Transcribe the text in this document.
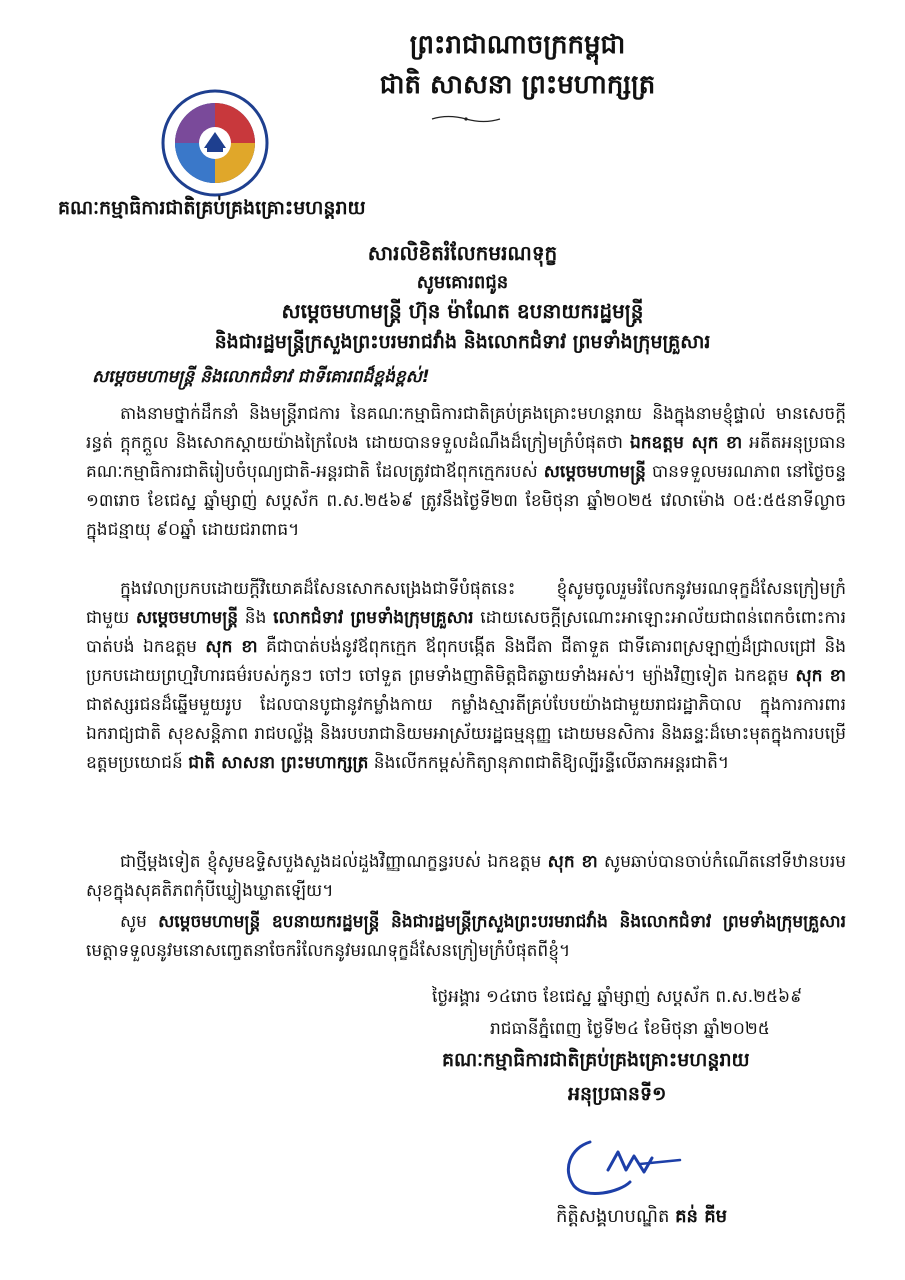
ព្រះរាជាណាចក្រកម្ពុជា
ជាតិ សាសនា ព្រះមហាក្សត្រ
គណៈកម្មាធិការជាតិគ្រប់គ្រងគ្រោះមហន្តរាយ
សារលិខិតរំលែកមរណទុក្ខ
សូមគោរពជូន
សម្តេចមហាមន្ត្រី ហ៊ុន ម៉ាណែត ឧបនាយករដ្ឋមន្ត្រី
និងជារដ្ឋមន្ត្រីក្រសួងព្រះបរមរាជវាំង និងលោកជំទាវ ព្រមទាំងក្រុមគ្រួសារ
សម្តេចមហាមន្ត្រី និងលោកជំទាវ ជាទីគោរពដ៏ខ្ពង់ខ្ពស់!
  តាងនាមថ្នាក់ដឹកនាំ និងមន្ត្រីរាជការ នៃគណៈកម្មាធិការជាតិគ្រប់គ្រងគ្រោះមហន្តរាយ និងក្នុងនាមខ្ញុំផ្ទាល់ មានសេចក្តីរន្ធត់ ក្តុកក្តួល និងសោកស្តាយយ៉ាងក្រៃលែង ដោយបានទទួលដំណឹងដ៏ក្រៀមក្រំបំផុតថា ឯកឧត្តម សុក ខា អតីតអនុប្រធានគណៈកម្មាធិការជាតិរៀបចំបុណ្យជាតិ-អន្តរជាតិ ដែលត្រូវជាឪពុកក្មេករបស់ សម្តេចមហាមន្ត្រី បានទទួលមរណភាព នៅថ្ងៃចន្ទ ១៣រោច ខែជេស្ឋ ឆ្នាំម្សាញ់ សប្តស័ក ព.ស.២៥៦៩ ត្រូវនឹងថ្ងៃទី២៣ ខែមិថុនា ឆ្នាំ២០២៥ វេលាម៉ោង ០៥:៥៥នាទីល្ងាច ក្នុងជន្មាយុ ៩០ឆ្នាំ ដោយជរាពាធ។
  ក្នុងវេលាប្រកបដោយក្តីវិយោគដ៏សែនសោកសង្រេងជាទីបំផុតនេះ ខ្ញុំសូមចូលរួមរំលែកនូវមរណទុក្ខដ៏សែនក្រៀមក្រំជាមួយ សម្តេចមហាមន្ត្រី និង លោកជំទាវ ព្រមទាំងក្រុមគ្រួសារ ដោយសេចក្តីស្រណោះអាឡោះអាល័យជាពន់ពេកចំពោះការបាត់បង់ ឯកឧត្តម សុក ខា គឺជាបាត់បង់នូវឪពុកក្មេក ឪពុកបង្កើត និងជីតា ជីតាទួត ជាទីគោរពស្រឡាញ់ដ៏ជ្រាលជ្រៅ និងប្រកបដោយព្រហ្មវិហារធម៌របស់កូនៗ ចៅៗ ចៅទួត ព្រមទាំងញាតិមិត្តជិតឆ្ងាយទាំងអស់។ ម្យ៉ាងវិញទៀត ឯកឧត្តម សុក ខា ជាឥស្សរជនដ៏ឆ្នើមមួយរូប ដែលបានបូជានូវកម្លាំងកាយ កម្លាំងស្មារតីគ្រប់បែបយ៉ាងជាមួយរាជរដ្ឋាភិបាល ក្នុងការការពារឯករាជ្យជាតិ សុខសន្តិភាព រាជបល្ល័ង្ក និងរបបរាជានិយមអាស្រ័យរដ្ឋធម្មនុញ្ញ ដោយមនសិការ និងឆន្ទៈដ៏មោះមុតក្នុងការបម្រើឧត្តមប្រយោជន៍ ជាតិ សាសនា ព្រះមហាក្សត្រ និងលើកកម្ពស់កិត្យានុភាពជាតិឱ្យល្បីរន្ទឺលើឆាកអន្តរជាតិ។
  ជាថ្មីម្តងទៀត ខ្ញុំសូមឧទ្ទិសបួងសួងដល់ដួងវិញ្ញាណក្ខន្ធរបស់ ឯកឧត្តម សុក ខា សូមឆាប់បានចាប់កំណើតនៅទីឋានបរមសុខក្នុងសុគតិភពកុំបីឃ្លៀងឃ្លាតឡើយ។
  សូម សម្តេចមហាមន្ត្រី ឧបនាយករដ្ឋមន្ត្រី និងជារដ្ឋមន្ត្រីក្រសួងព្រះបរមរាជវាំង និងលោកជំទាវ ព្រមទាំងក្រុមគ្រួសារ មេត្តាទទួលនូវមនោសញ្ចេតនាចែករំលែកនូវមរណទុក្ខដ៏សែនក្រៀមក្រំបំផុតពីខ្ញុំ។
ថ្ងៃអង្គារ ១៤រោច ខែជេស្ឋ ឆ្នាំម្សាញ់ សប្តស័ក ព.ស.២៥៦៩
រាជធានីភ្នំពេញ ថ្ងៃទី២៤ ខែមិថុនា ឆ្នាំ២០២៥
គណៈកម្មាធិការជាតិគ្រប់គ្រងគ្រោះមហន្តរាយ
អនុប្រធានទី១
កិត្តិសង្គហបណ្ឌិត គន់ គីម
